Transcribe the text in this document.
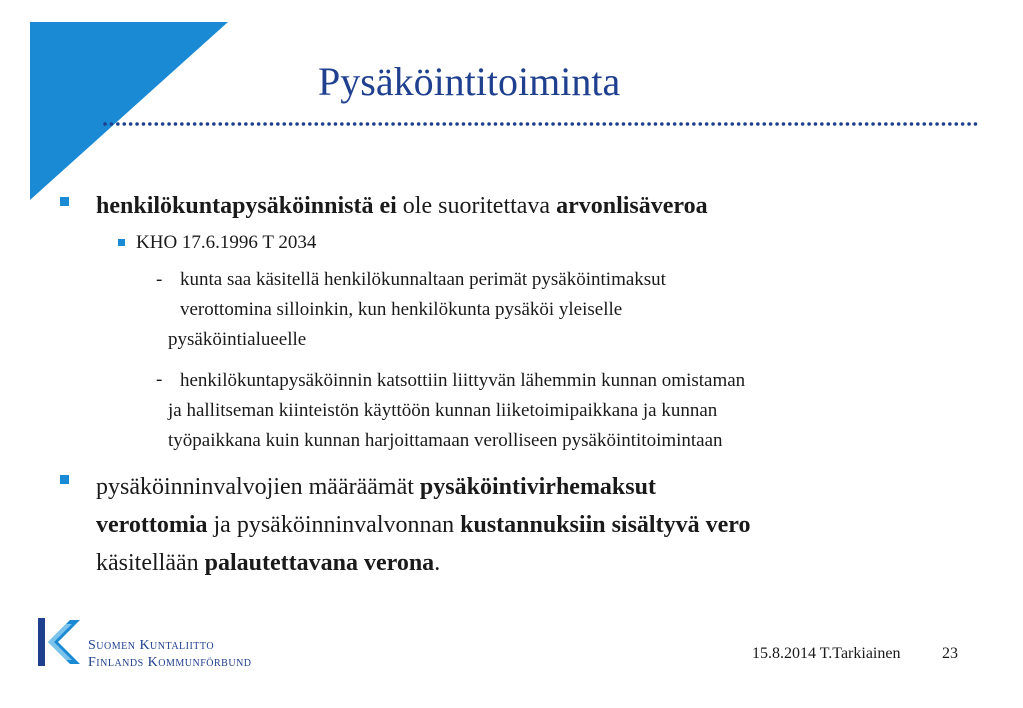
Pysäköintitoiminta
henkilökuntapysäköinnistä ei ole suoritettava arvonlisäveroa
KHO 17.6.1996 T 2034
- kunta saa käsitellä henkilökunnaltaan perimät pysäköintimaksut
verottomina silloinkin, kun henkilökunta pysäköi yleiselle
pysäköintialueelle
- henkilökuntapysäköinnin katsottiin liittyvän lähemmin kunnan omistaman
ja hallitseman kiinteistön käyttöön kunnan liiketoimipaikkana ja kunnan
työpaikkana kuin kunnan harjoittamaan verolliseen pysäköintitoimintaan
pysäköinninvalvojien määräämät pysäköintivirhemaksut
verottomia ja pysäköinninvalvonnan kustannuksiin sisältyvä vero
käsitellään palautettavana verona.
Suomen Kuntaliitto
Finlands Kommunförbund
15.8.2014 T.Tarkiainen	23
